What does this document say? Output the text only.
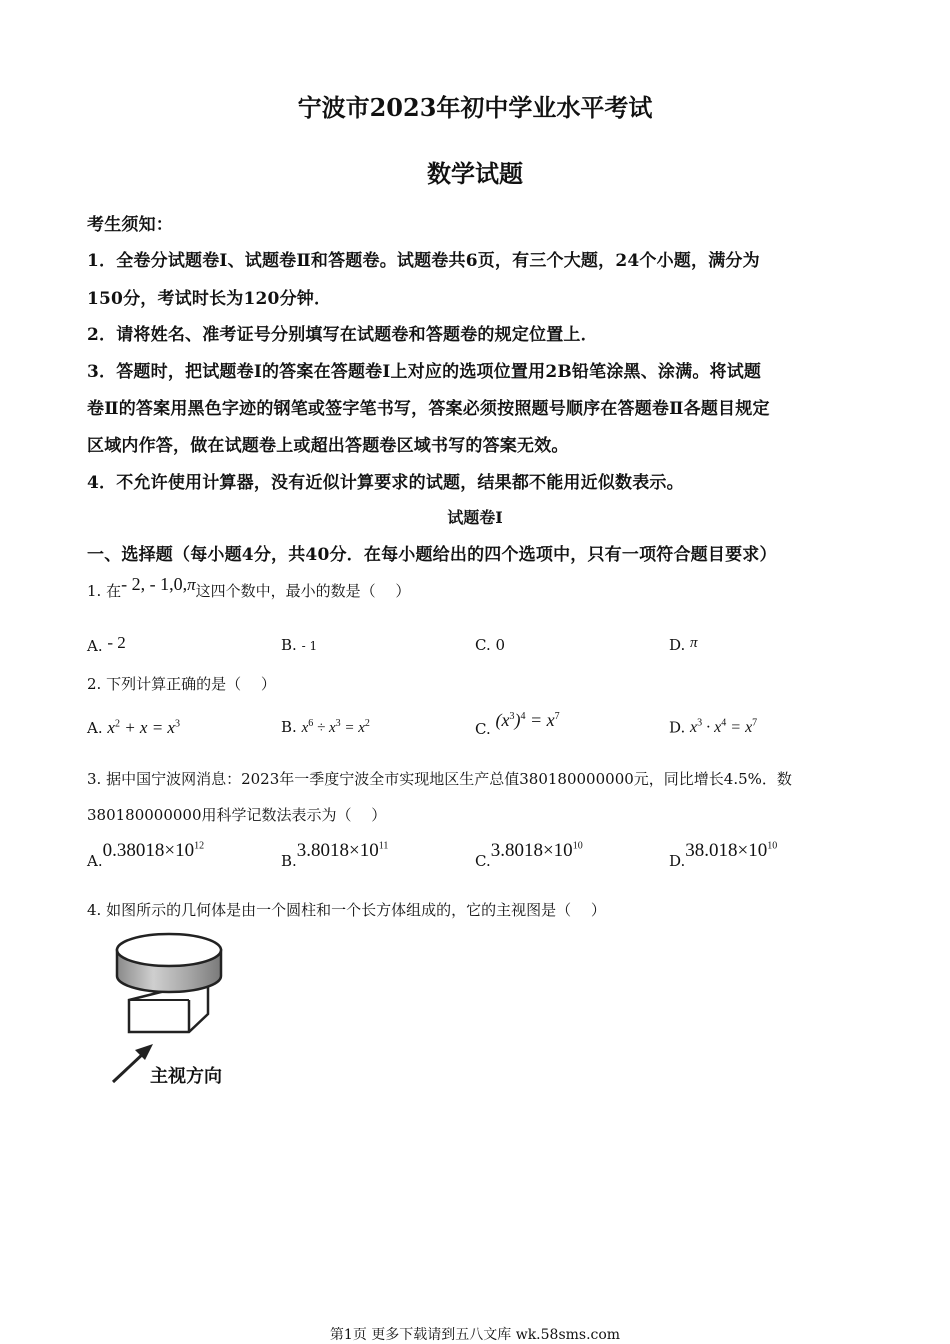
宁波市2023年初中学业水平考试
数学试题
考生须知：
1．全卷分试题卷Ⅰ、试题卷Ⅱ和答题卷。试题卷共6页，有三个大题，24个小题，满分为
150分，考试时长为120分钟．
2．请将姓名、准考证号分别填写在试题卷和答题卷的规定位置上．
3．答题时，把试题卷Ⅰ的答案在答题卷Ⅰ上对应的选项位置用2B铅笔涂黑、涂满。将试题
卷Ⅱ的答案用黑色字迹的钢笔或签字笔书写，答案必须按照题号顺序在答题卷Ⅱ各题目规定
区域内作答，做在试题卷上或超出答题卷区域书写的答案无效。
4．不允许使用计算器，没有近似计算要求的试题，结果都不能用近似数表示。
试题卷Ⅰ
一、选择题（每小题4分，共40分．在每小题给出的四个选项中，只有一项符合题目要求）
1. 在- 2, - 1,0,π这四个数中，最小的数是（　 ）
A. - 2	B. - 1	C. 0	D. π
2. 下列计算正确的是（　 ）
A. $x^2 + x = x^3$	B. $x^6 \div x^3 = x^2$	C. $(x^3)^4 = x^7$
D. $x^3 \cdot x^4 = x^7$
3. 据中国宁波网消息：2023年一季度宁波全市实现地区生产总值380180000000元，同比增长4.5%．数
380180000000用科学记数法表示为（　 ）
$A.0.38018\times 10^{12}$
$B.3.8018\times 10^{11}$
$C.3.8018\times 10^{10}$
$D.38.018\times 10^{10}$
4. 如图所示的几何体是由一个圆柱和一个长方体组成的，它的主视图是（　 ）
主视方向
第1页 更多下载请到五八文库 wk.58sms.com
